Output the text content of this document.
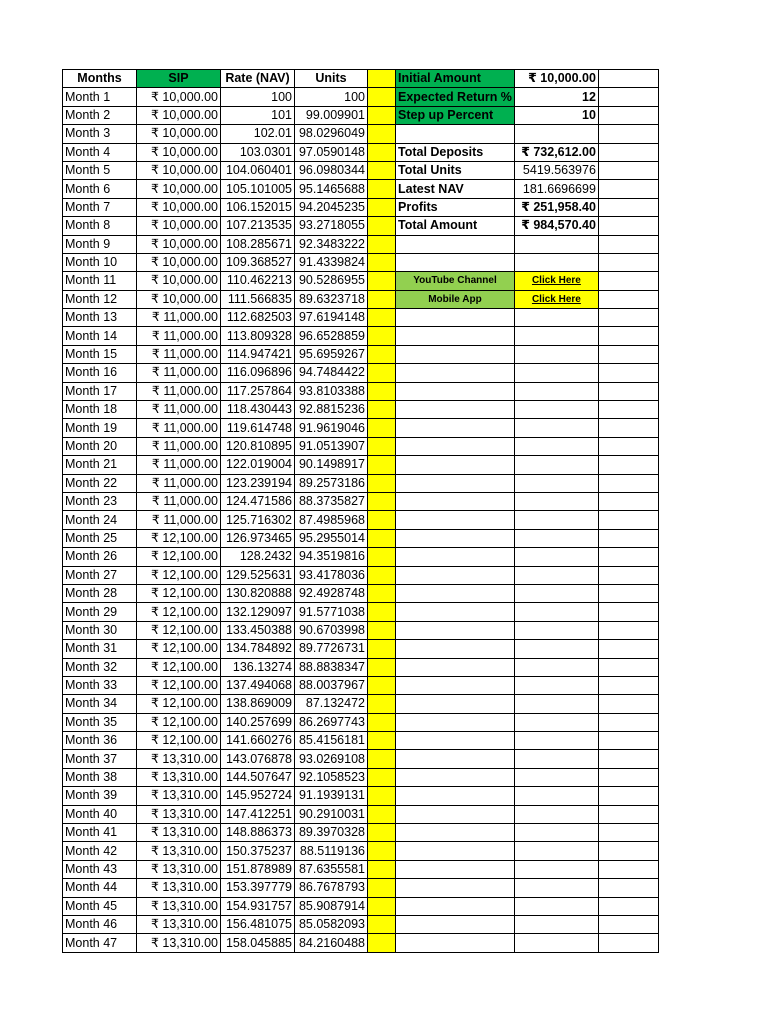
Months	SIP	Rate (NAV)	Units		Initial Amount	₹ 10,000.00	
Month 1	₹ 10,000.00	100	100		Expected Return %	12	
Month 2	₹ 10,000.00	101	99.009901		Step up Percent	10	
Month 3	₹ 10,000.00	102.01	98.0296049				
Month 4	₹ 10,000.00	103.0301	97.0590148		Total Deposits	₹ 732,612.00	
Month 5	₹ 10,000.00	104.060401	96.0980344		Total Units	5419.563976	
Month 6	₹ 10,000.00	105.101005	95.1465688		Latest NAV	181.6696699	
Month 7	₹ 10,000.00	106.152015	94.2045235		Profits	₹ 251,958.40	
Month 8	₹ 10,000.00	107.213535	93.2718055		Total Amount	₹ 984,570.40	
Month 9	₹ 10,000.00	108.285671	92.3483222				
Month 10	₹ 10,000.00	109.368527	91.4339824				
Month 11	₹ 10,000.00	110.462213	90.5286955		YouTube Channel	Click Here	
Month 12	₹ 10,000.00	111.566835	89.6323718		Mobile App	Click Here	
Month 13	₹ 11,000.00	112.682503	97.6194148				
Month 14	₹ 11,000.00	113.809328	96.6528859				
Month 15	₹ 11,000.00	114.947421	95.6959267				
Month 16	₹ 11,000.00	116.096896	94.7484422				
Month 17	₹ 11,000.00	117.257864	93.8103388				
Month 18	₹ 11,000.00	118.430443	92.8815236				
Month 19	₹ 11,000.00	119.614748	91.9619046				
Month 20	₹ 11,000.00	120.810895	91.0513907				
Month 21	₹ 11,000.00	122.019004	90.1498917				
Month 22	₹ 11,000.00	123.239194	89.2573186				
Month 23	₹ 11,000.00	124.471586	88.3735827				
Month 24	₹ 11,000.00	125.716302	87.4985968				
Month 25	₹ 12,100.00	126.973465	95.2955014				
Month 26	₹ 12,100.00	128.2432	94.3519816				
Month 27	₹ 12,100.00	129.525631	93.4178036				
Month 28	₹ 12,100.00	130.820888	92.4928748				
Month 29	₹ 12,100.00	132.129097	91.5771038				
Month 30	₹ 12,100.00	133.450388	90.6703998				
Month 31	₹ 12,100.00	134.784892	89.7726731				
Month 32	₹ 12,100.00	136.13274	88.8838347				
Month 33	₹ 12,100.00	137.494068	88.0037967				
Month 34	₹ 12,100.00	138.869009	87.132472				
Month 35	₹ 12,100.00	140.257699	86.2697743				
Month 36	₹ 12,100.00	141.660276	85.4156181				
Month 37	₹ 13,310.00	143.076878	93.0269108				
Month 38	₹ 13,310.00	144.507647	92.1058523				
Month 39	₹ 13,310.00	145.952724	91.1939131				
Month 40	₹ 13,310.00	147.412251	90.2910031				
Month 41	₹ 13,310.00	148.886373	89.3970328				
Month 42	₹ 13,310.00	150.375237	88.5119136				
Month 43	₹ 13,310.00	151.878989	87.6355581				
Month 44	₹ 13,310.00	153.397779	86.7678793				
Month 45	₹ 13,310.00	154.931757	85.9087914				
Month 46	₹ 13,310.00	156.481075	85.0582093				
Month 47	₹ 13,310.00	158.045885	84.2160488				
